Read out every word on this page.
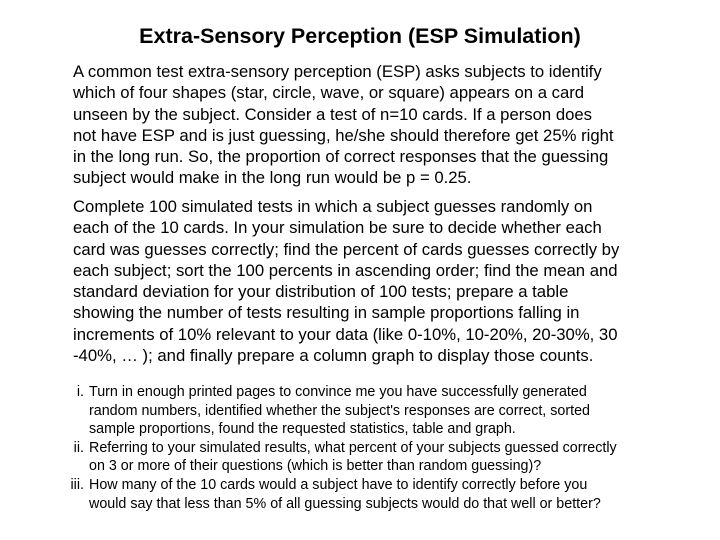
Extra-Sensory Perception (ESP Simulation)
A common test extra-sensory perception (ESP) asks subjects to identify
which of four shapes (star, circle, wave, or square) appears on a card
unseen by the subject. Consider a test of n=10 cards. If a person does
not have ESP and is just guessing, he/she should therefore get 25% right
in the long run. So, the proportion of correct responses that the guessing
subject would make in the long run would be p = 0.25.
Complete 100 simulated tests in which a subject guesses randomly on
each of the 10 cards. In your simulation be sure to decide whether each
card was guesses correctly; find the percent of cards guesses correctly by
each subject; sort the 100 percents in ascending order; find the mean and
standard deviation for your distribution of 100 tests; prepare a table
showing the number of tests resulting in sample proportions falling in
increments of 10% relevant to your data (like 0-10%, 10-20%, 20-30%, 30
-40%, … ); and finally prepare a column graph to display those counts.
i. Turn in enough printed pages to convince me you have successfully generated
random numbers, identified whether the subject's responses are correct, sorted
sample proportions, found the requested statistics, table and graph.
ii. Referring to your simulated results, what percent of your subjects guessed correctly
on 3 or more of their questions (which is better than random guessing)?
iii. How many of the 10 cards would a subject have to identify correctly before you
would say that less than 5% of all guessing subjects would do that well or better?
